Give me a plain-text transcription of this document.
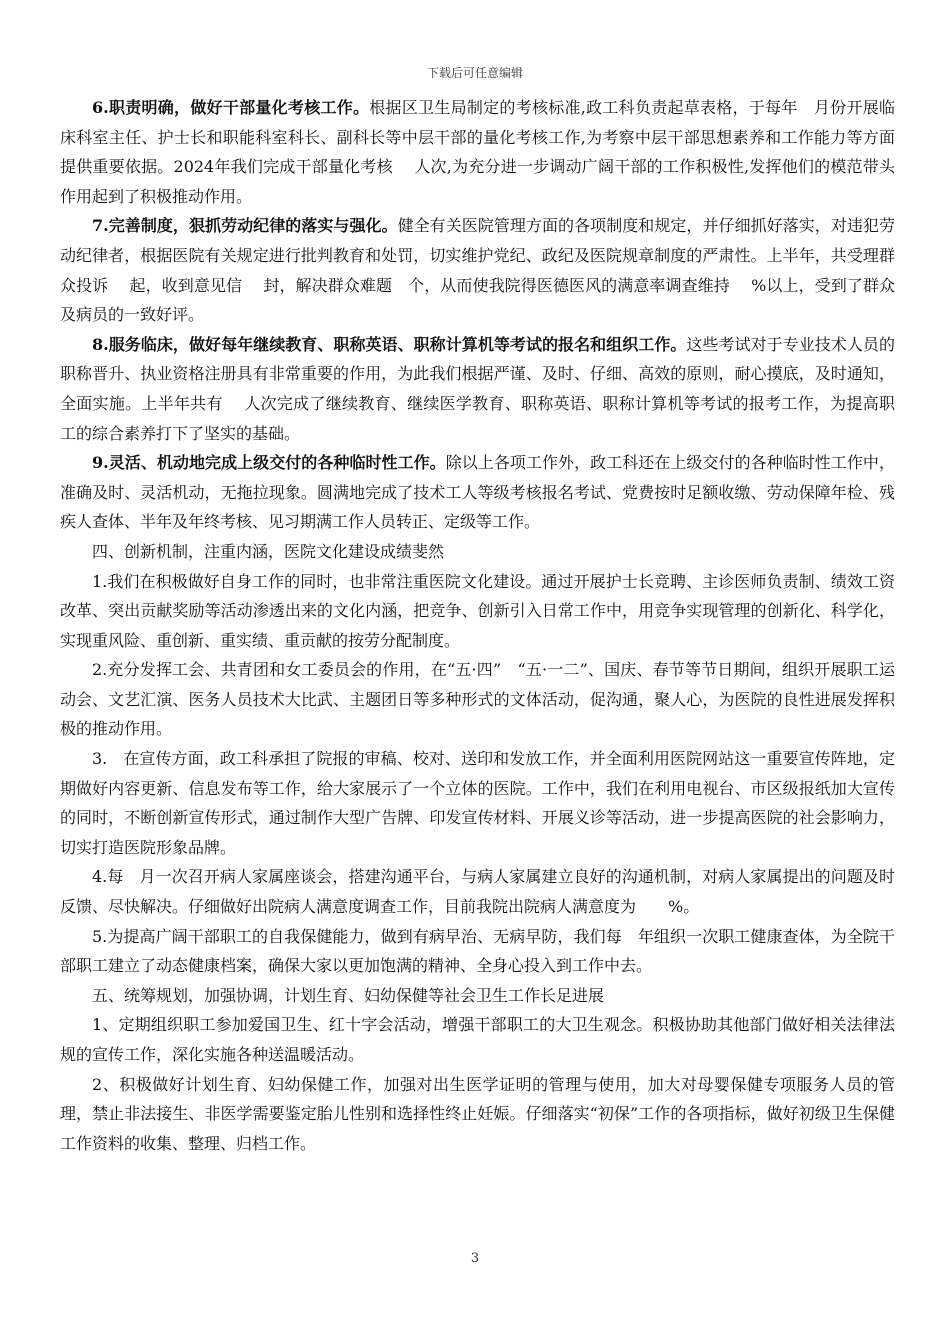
下载后可任意编辑

6.职责明确，做好干部量化考核工作。根据区卫生局制定的考核标准,政工科负责起草表格，于每年　月份开展临床科室主任、护士长和职能科室科长、副科长等中层干部的量化考核工作,为考察中层干部思想素养和工作能力等方面提供重要依据。2024年我们完成干部量化考核　 人次,为充分进一步调动广阔干部的工作积极性,发挥他们的模范带头作用起到了积极推动作用。

7.完善制度，狠抓劳动纪律的落实与强化。健全有关医院管理方面的各项制度和规定，并仔细抓好落实，对违犯劳动纪律者，根据医院有关规定进行批判教育和处罚，切实维护党纪、政纪及医院规章制度的严肃性。上半年，共受理群众投诉　 起，收到意见信　 封，解决群众难题　个，从而使我院得医德医风的满意率调查维持　 %以上，受到了群众及病员的一致好评。

8.服务临床，做好每年继续教育、职称英语、职称计算机等考试的报名和组织工作。这些考试对于专业技术人员的职称晋升、执业资格注册具有非常重要的作用，为此我们根据严谨、及时、仔细、高效的原则，耐心摸底，及时通知，全面实施。上半年共有　 人次完成了继续教育、继续医学教育、职称英语、职称计算机等考试的报考工作，为提高职工的综合素养打下了坚实的基础。

9.灵活、机动地完成上级交付的各种临时性工作。除以上各项工作外，政工科还在上级交付的各种临时性工作中，准确及时、灵活机动，无拖拉现象。圆满地完成了技术工人等级考核报名考试、党费按时足额收缴、劳动保障年检、残疾人查体、半年及年终考核、见习期满工作人员转正、定级等工作。

四、创新机制，注重内涵，医院文化建设成绩斐然

1.我们在积极做好自身工作的同时，也非常注重医院文化建设。通过开展护士长竞聘、主诊医师负责制、绩效工资改革、突出贡献奖励等活动渗透出来的文化内涵，把竞争、创新引入日常工作中，用竞争实现管理的创新化、科学化，实现重风险、重创新、重实绩、重贡献的按劳分配制度。

2.充分发挥工会、共青团和女工委员会的作用，在“五·四”　“五·一二”、国庆、春节等节日期间，组织开展职工运动会、文艺汇演、医务人员技术大比武、主题团日等多种形式的文体活动，促沟通，聚人心，为医院的良性进展发挥积极的推动作用。

3.　在宣传方面，政工科承担了院报的审稿、校对、送印和发放工作，并全面利用医院网站这一重要宣传阵地，定期做好内容更新、信息发布等工作，给大家展示了一个立体的医院。工作中，我们在利用电视台、市区级报纸加大宣传的同时，不断创新宣传形式，通过制作大型广告牌、印发宣传材料、开展义诊等活动，进一步提高医院的社会影响力，切实打造医院形象品牌。

4.每　月一次召开病人家属座谈会，搭建沟通平台，与病人家属建立良好的沟通机制，对病人家属提出的问题及时反馈、尽快解决。仔细做好出院病人满意度调查工作，目前我院出院病人满意度为　　%。

5.为提高广阔干部职工的自我保健能力，做到有病早治、无病早防，我们每　年组织一次职工健康查体，为全院干部职工建立了动态健康档案，确保大家以更加饱满的精神、全身心投入到工作中去。

五、统筹规划，加强协调，计划生育、妇幼保健等社会卫生工作长足进展

1、定期组织职工参加爱国卫生、红十字会活动，增强干部职工的大卫生观念。积极协助其他部门做好相关法律法规的宣传工作，深化实施各种送温暖活动。

2、积极做好计划生育、妇幼保健工作，加强对出生医学证明的管理与使用，加大对母婴保健专项服务人员的管理，禁止非法接生、非医学需要鉴定胎儿性别和选择性终止妊娠。仔细落实“初保”工作的各项指标，做好初级卫生保健工作资料的收集、整理、归档工作。

3
